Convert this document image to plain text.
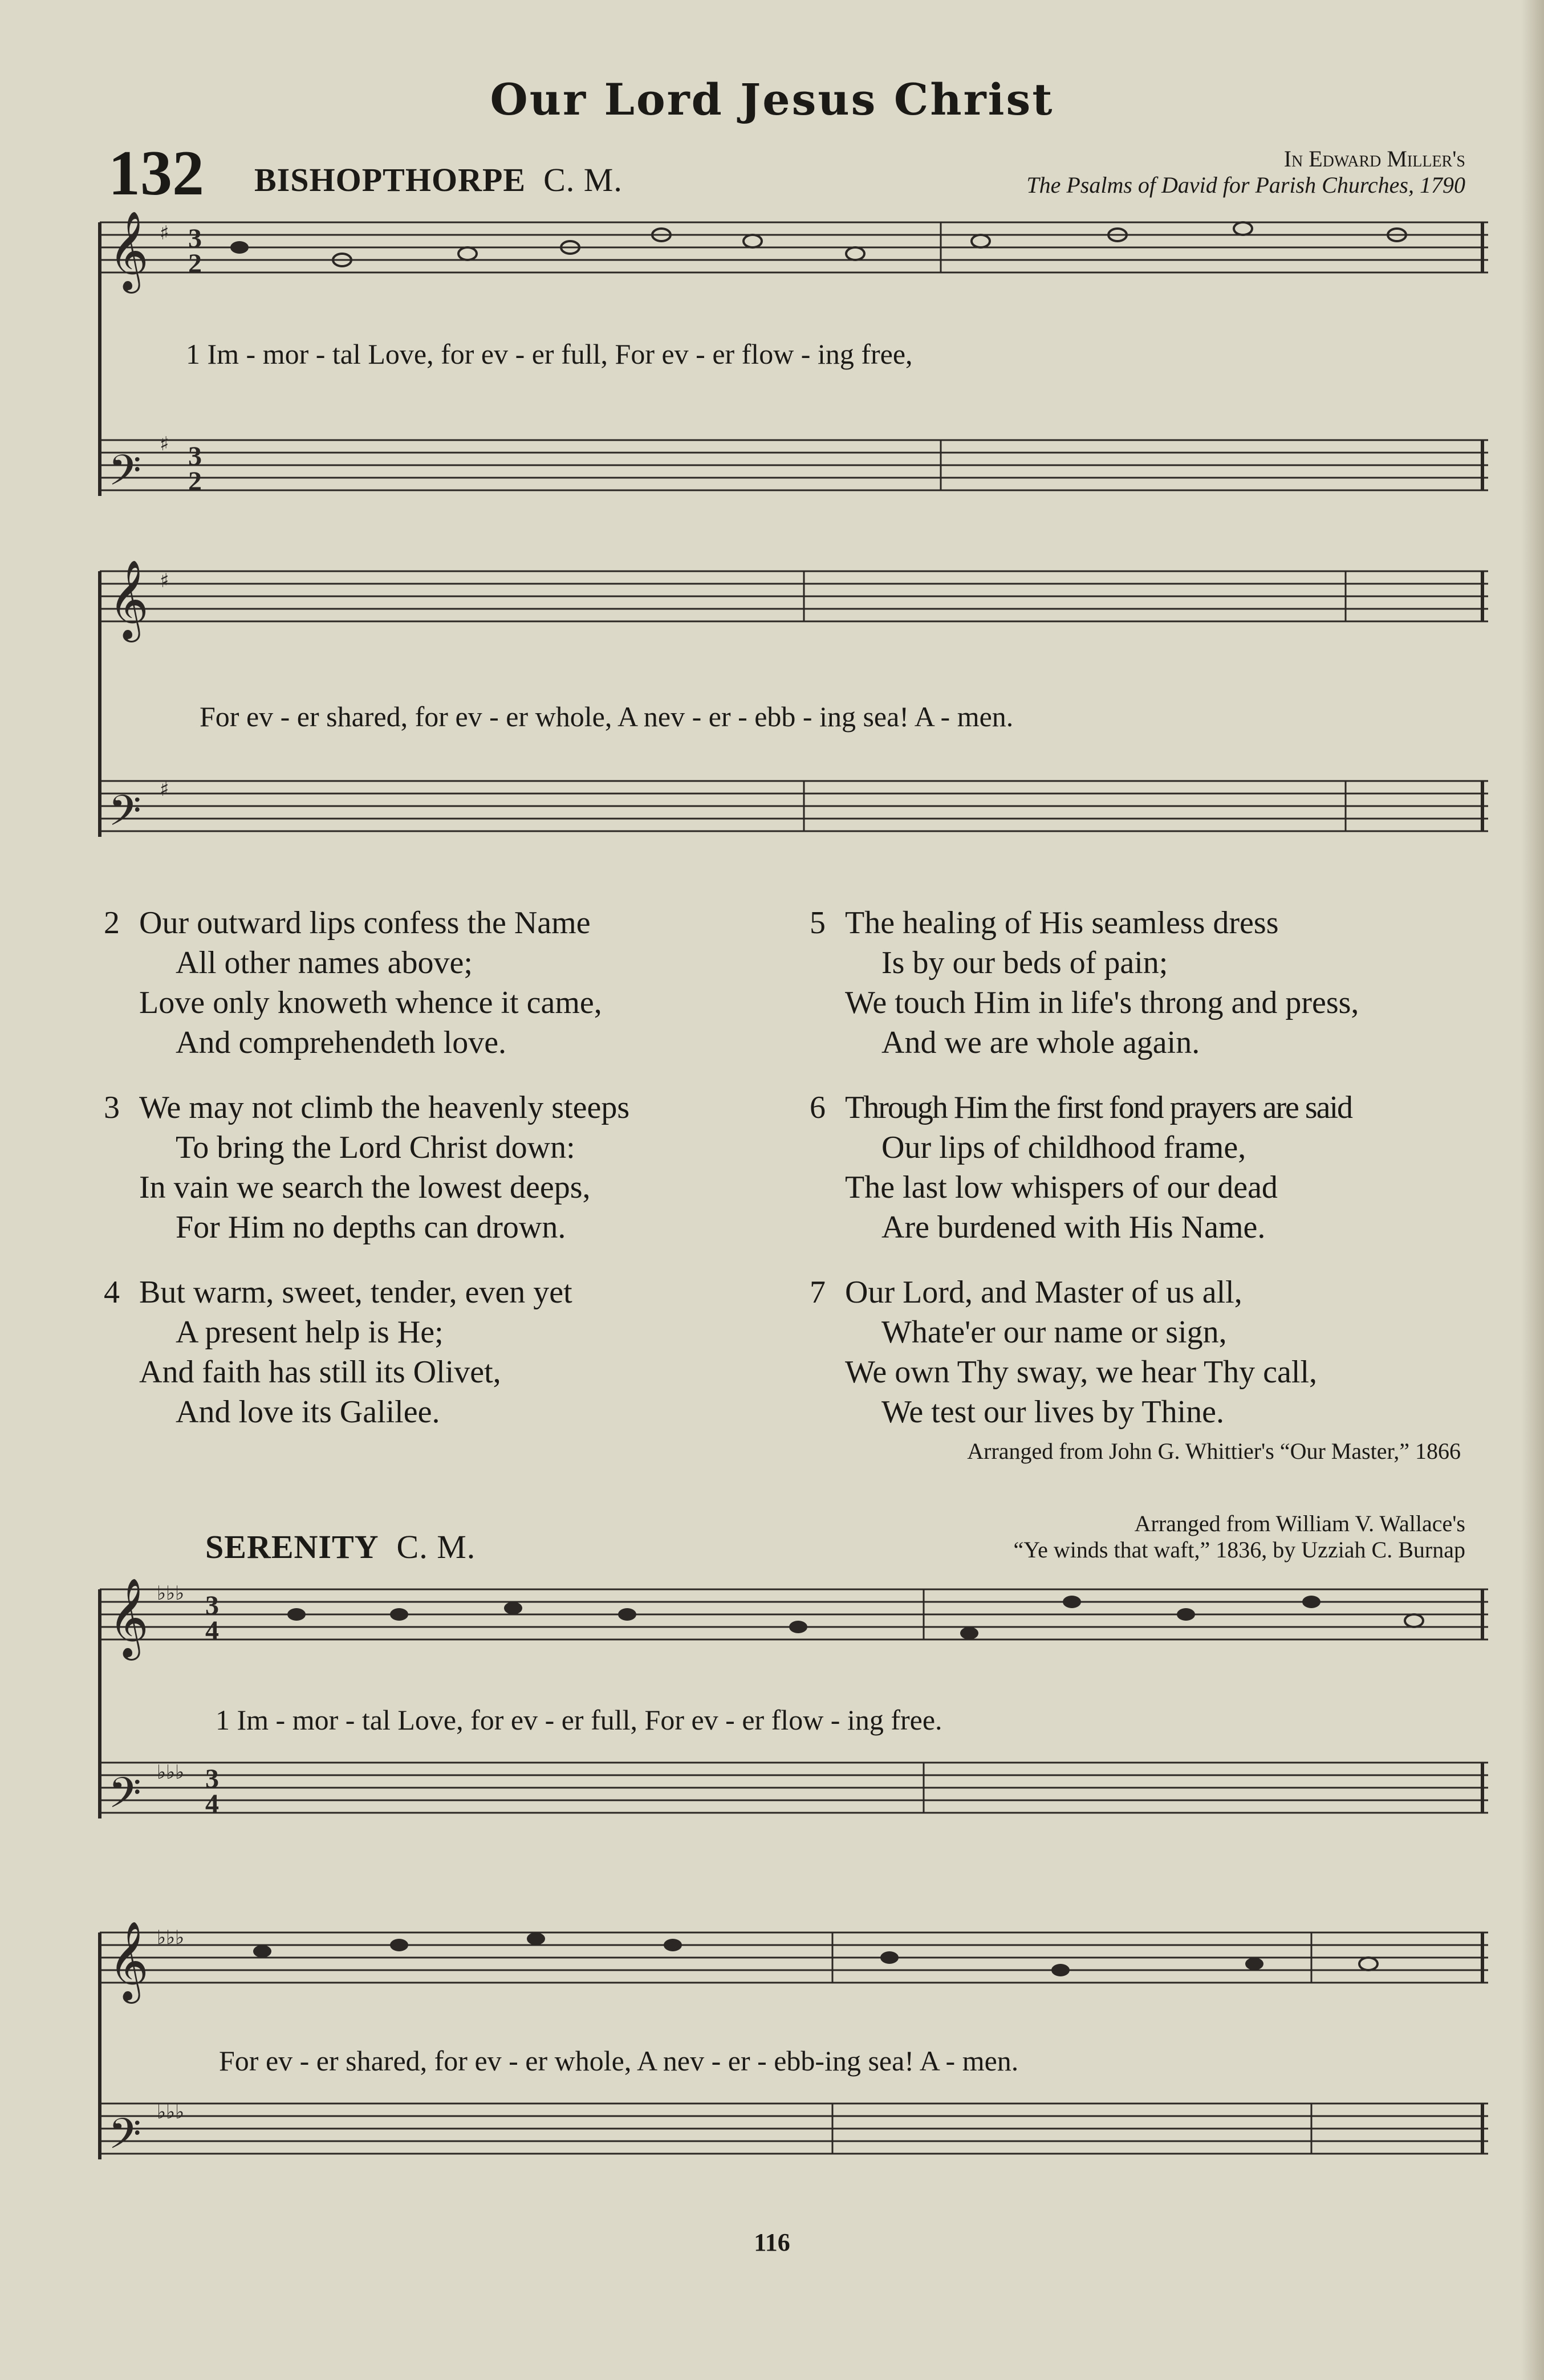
Our Lord Jesus Christ
132 BISHOPTHORPE C. M.
In Edward Miller's
The Psalms of David for Parish Churches, 1790
𝄞
𝄢
𝄞
𝄢
𝄞
𝄢
𝄞
𝄢
♯
♯
♯
♯
♭♭♭
♭♭♭
♭♭♭
♭♭♭
3
2
3
2
3
4
3
4
1 Im - mor - tal Love, for ev - er full, For ev - er flow - ing free,
For ev - er shared, for ev - er whole, A nev - er - ebb - ing sea! A - men.
2 Our outward lips confess the Name
All other names above;
Love only knoweth whence it came,
And comprehendeth love.
3 We may not climb the heavenly steeps
To bring the Lord Christ down:
In vain we search the lowest deeps,
For Him no depths can drown.
4 But warm, sweet, tender, even yet
A present help is He;
And faith has still its Olivet,
And love its Galilee.
5 The healing of His seamless dress
Is by our beds of pain;
We touch Him in life's throng and press,
And we are whole again.
6 Through Him the first fond prayers are said
Our lips of childhood frame,
The last low whispers of our dead
Are burdened with His Name.
7 Our Lord, and Master of us all,
Whate'er our name or sign,
We own Thy sway, we hear Thy call,
We test our lives by Thine.
Arranged from John G. Whittier's “Our Master,” 1866
SERENITY C. M.
Arranged from William V. Wallace's
“Ye winds that waft,” 1836, by Uzziah C. Burnap
1 Im - mor - tal Love, for ev - er full, For ev - er flow - ing free.
For ev - er shared, for ev - er whole, A nev - er - ebb-ing sea! A - men.
116
